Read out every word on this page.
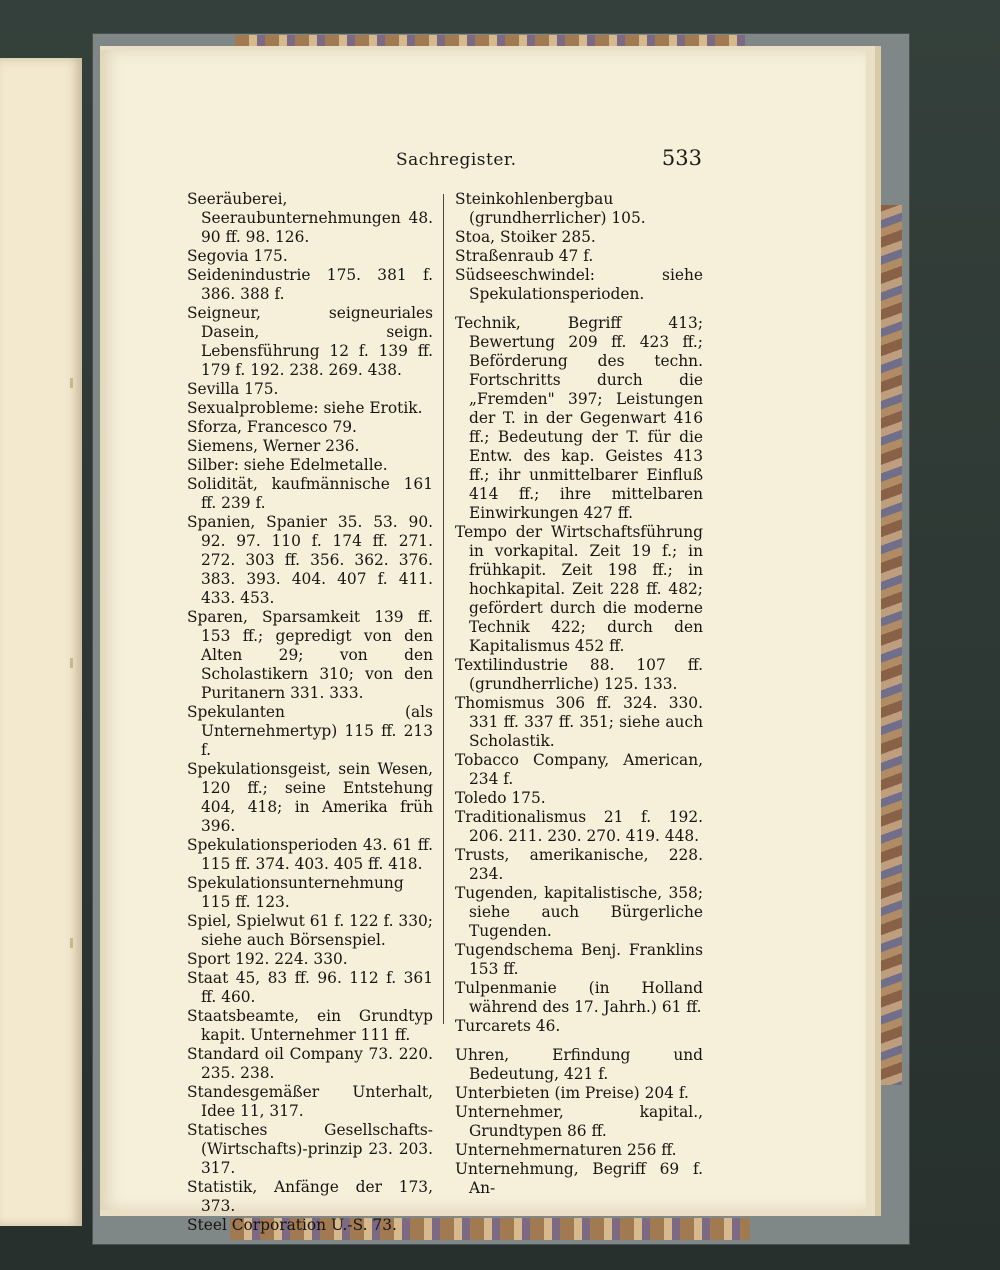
Sachregister.	533

Seeräuberei, Seeraubunternehmungen 48. 90 ff. 98. 126.

Segovia 175.

Seidenindustrie 175. 381 f. 386. 388 f.

Seigneur, seigneuriales Dasein, seign. Lebensführung 12 f. 139 ff. 179 f. 192. 238. 269. 438.

Sevilla 175.

Sexualprobleme: siehe Erotik.

Sforza, Francesco 79.

Siemens, Werner 236.

Silber: siehe Edelmetalle.

Solidität, kaufmännische 161 ff. 239 f.

Spanien, Spanier 35. 53. 90. 92. 97. 110 f. 174 ff. 271. 272. 303 ff. 356. 362. 376. 383. 393. 404. 407 f. 411. 433. 453.

Sparen, Sparsamkeit 139 ff. 153 ff.; gepredigt von den Alten 29; von den Scholastikern 310; von den Puritanern 331. 333.

Spekulanten (als Unternehmertyp) 115 ff. 213 f.

Spekulationsgeist, sein Wesen, 120 ff.; seine Entstehung 404, 418; in Amerika früh 396.

Spekulationsperioden 43. 61 ff. 115 ff. 374. 403. 405 ff. 418.

Spekulationsunternehmung 115 ff. 123.

Spiel, Spielwut 61 f. 122 f. 330; siehe auch Börsenspiel.

Sport 192. 224. 330.

Staat 45, 83 ff. 96. 112 f. 361 ff. 460.

Staatsbeamte, ein Grundtyp kapit. Unternehmer 111 ff.

Standard oil Company 73. 220. 235. 238.

Standesgemäßer Unterhalt, Idee 11, 317.

Statisches Gesellschafts- (Wirtschafts)-prinzip 23. 203. 317.

Statistik, Anfänge der 173, 373.

Steel Corporation U.-S. 73.

Steinkohlenbergbau (grundherrlicher) 105.

Stoa, Stoiker 285.

Straßenraub 47 f.

Südseeschwindel: siehe Spekulationsperioden.

Technik, Begriff 413; Bewertung 209 ff. 423 ff.; Beförderung des techn. Fortschritts durch die „Fremden" 397; Leistungen der T. in der Gegenwart 416 ff.; Bedeutung der T. für die Entw. des kap. Geistes 413 ff.; ihr unmittelbarer Einfluß 414 ff.; ihre mittelbaren Einwirkungen 427 ff.

Tempo der Wirtschaftsführung in vorkapital. Zeit 19 f.; in frühkapit. Zeit 198 ff.; in hochkapital. Zeit 228 ff. 482; gefördert durch die moderne Technik 422; durch den Kapitalismus 452 ff.

Textilindustrie 88. 107 ff. (grundherrliche) 125. 133.

Thomismus 306 ff. 324. 330. 331 ff. 337 ff. 351; siehe auch Scholastik.

Tobacco Company, American, 234 f.

Toledo 175.

Traditionalismus 21 f. 192. 206. 211. 230. 270. 419. 448.

Trusts, amerikanische, 228. 234.

Tugenden, kapitalistische, 358; siehe auch Bürgerliche Tugenden.

Tugendschema Benj. Franklins 153 ff.

Tulpenmanie (in Holland während des 17. Jahrh.) 61 ff.

Turcarets 46.

Uhren, Erfindung und Bedeutung, 421 f.

Unterbieten (im Preise) 204 f.

Unternehmer, kapital., Grundtypen 86 ff.

Unternehmernaturen 256 ff.

Unternehmung, Begriff 69 f. An-
